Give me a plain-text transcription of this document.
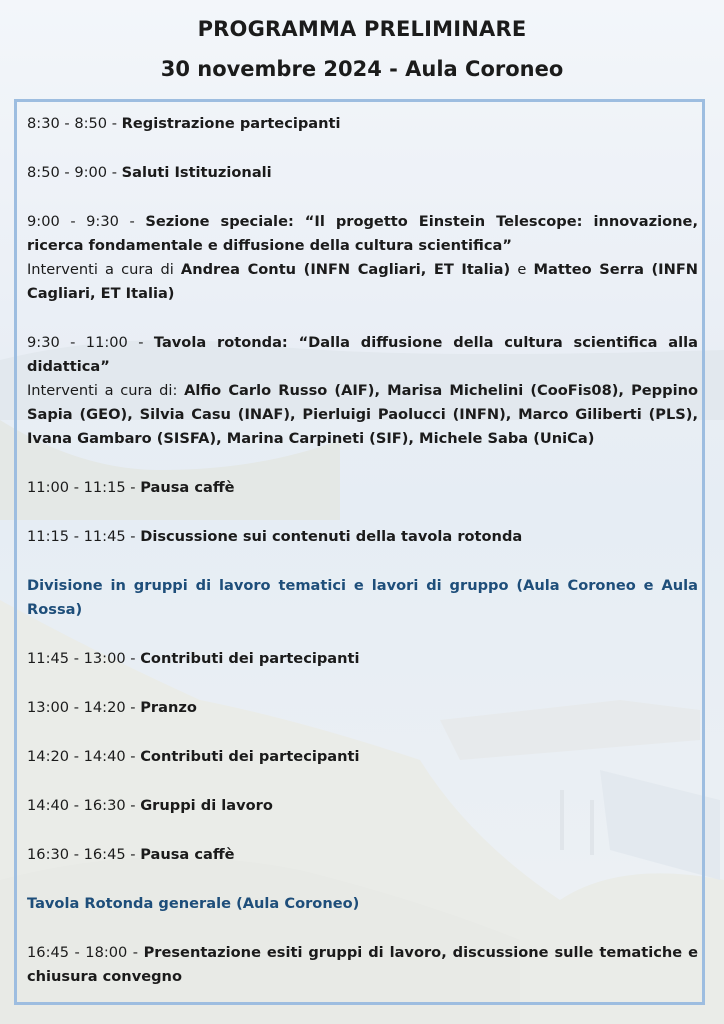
PROGRAMMA PRELIMINARE
30 novembre 2024 - Aula Coroneo

8:30 - 8:50 - Registrazione partecipanti

8:50 - 9:00 - Saluti Istituzionali

9:00 - 9:30 - Sezione speciale: “Il progetto Einstein Telescope: innovazione, ricerca fondamentale e diffusione della cultura scientifica”

Interventi a cura di Andrea Contu (INFN Cagliari, ET Italia) e Matteo Serra (INFN Cagliari, ET Italia)

9:30 - 11:00 - Tavola rotonda: “Dalla diffusione della cultura scientifica alla didattica”

Interventi a cura di: Alfio Carlo Russo (AIF), Marisa Michelini (CooFis08), Peppino Sapia (GEO), Silvia Casu (INAF), Pierluigi Paolucci (INFN), Marco Giliberti (PLS), Ivana Gambaro (SISFA), Marina Carpineti (SIF), Michele Saba (UniCa)

11:00 - 11:15 - Pausa caffè

11:15 - 11:45 - Discussione sui contenuti della tavola rotonda

Divisione in gruppi di lavoro tematici e lavori di gruppo (Aula Coroneo e Aula Rossa)

11:45 - 13:00 - Contributi dei partecipanti

13:00 - 14:20 - Pranzo

14:20 - 14:40 - Contributi dei partecipanti

14:40 - 16:30 - Gruppi di lavoro

16:30 - 16:45 - Pausa caffè

Tavola Rotonda generale (Aula Coroneo)

16:45 - 18:00 - Presentazione esiti gruppi di lavoro, discussione sulle tematiche e chiusura convegno
